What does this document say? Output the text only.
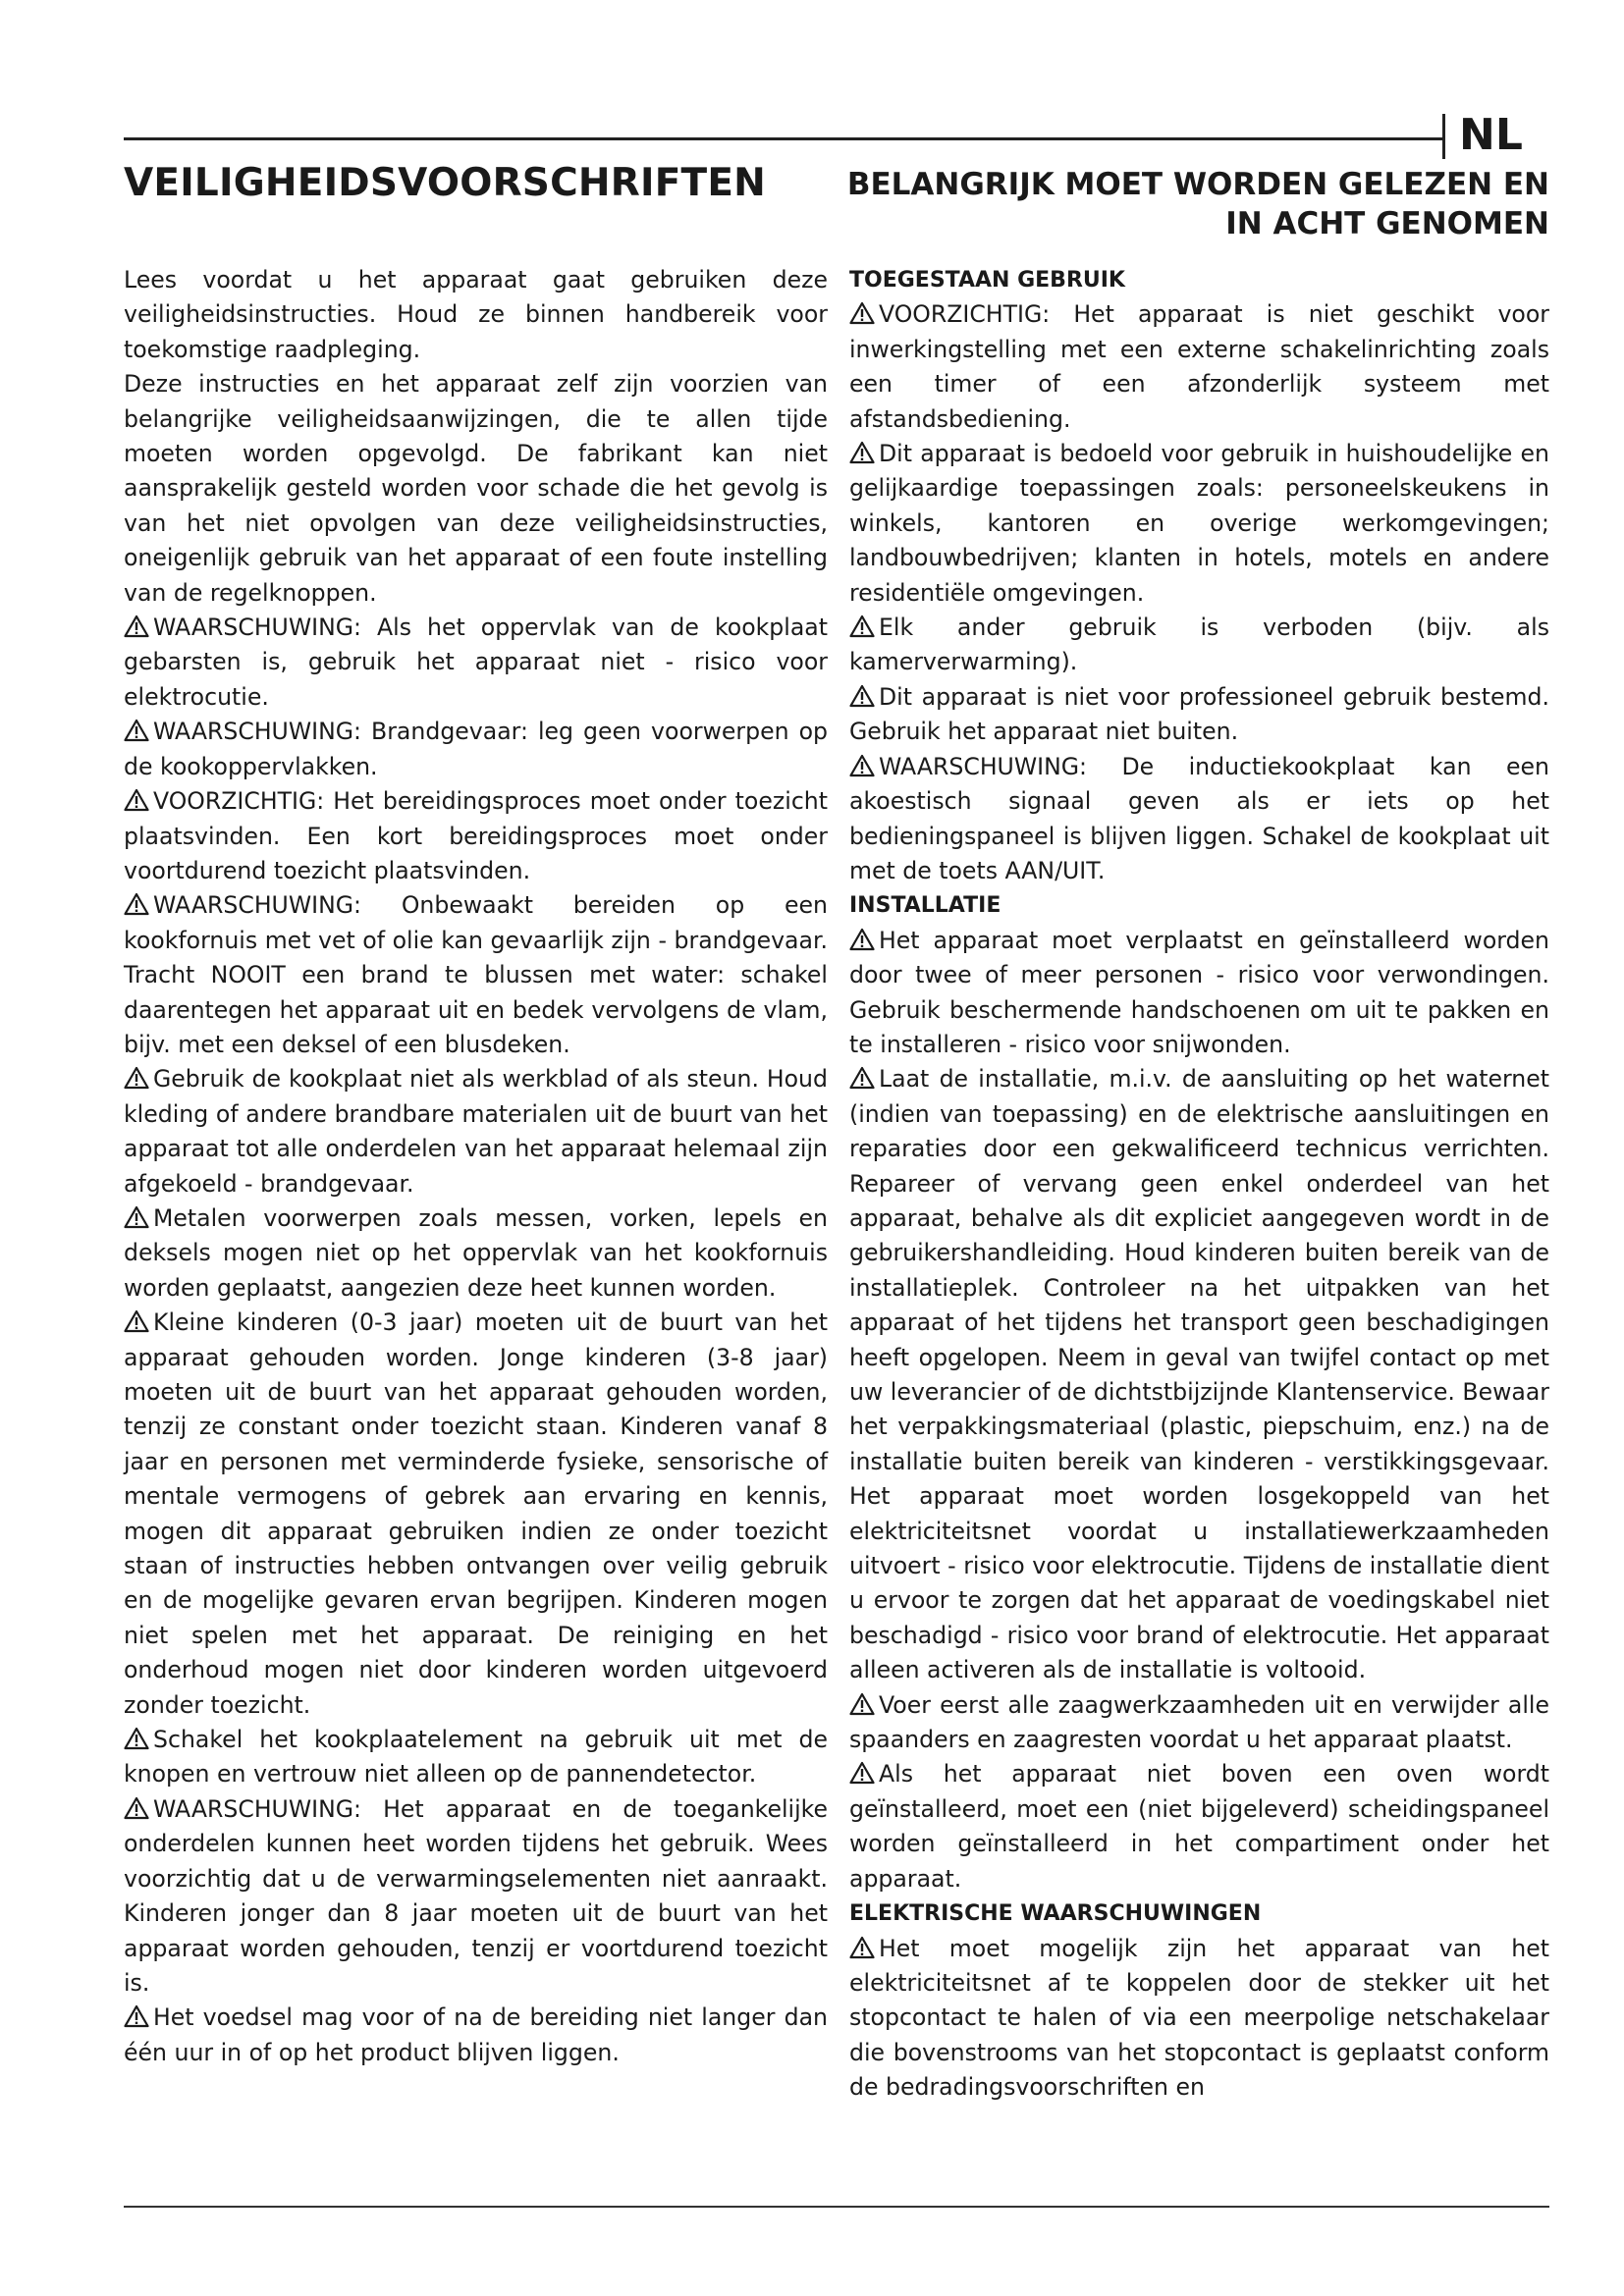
NL
VEILIGHEIDSVOORSCHRIFTEN	BELANGRIJK MOET WORDEN GELEZEN EN
IN ACHT GENOMEN

Lees voordat u het apparaat gaat gebruiken deze veiligheidsinstructies. Houd ze binnen handbereik voor toekomstige raadpleging.

Deze instructies en het apparaat zelf zijn voorzien van belangrijke veiligheidsaanwijzingen, die te allen tijde moeten worden opgevolgd. De fabrikant kan niet aansprakelijk gesteld worden voor schade die het gevolg is van het niet opvolgen van deze veiligheidsinstructies, oneigenlijk gebruik van het apparaat of een foute instelling van de regelknoppen.

WAARSCHUWING: Als het oppervlak van de kookplaat gebarsten is, gebruik het apparaat niet - risico voor elektrocutie.

WAARSCHUWING: Brandgevaar: leg geen voorwerpen op de kookoppervlakken.

VOORZICHTIG: Het bereidingsproces moet onder toezicht plaatsvinden. Een kort bereidingsproces moet onder voortdurend toezicht plaatsvinden.

WAARSCHUWING: Onbewaakt bereiden op een kookfornuis met vet of olie kan gevaarlijk zijn - brandgevaar. Tracht NOOIT een brand te blussen met water: schakel daarentegen het apparaat uit en bedek vervolgens de vlam, bijv. met een deksel of een blusdeken.

Gebruik de kookplaat niet als werkblad of als steun. Houd kleding of andere brandbare materialen uit de buurt van het apparaat tot alle onderdelen van het apparaat helemaal zijn afgekoeld - brandgevaar.

Metalen voorwerpen zoals messen, vorken, lepels en deksels mogen niet op het oppervlak van het kookfornuis worden geplaatst, aangezien deze heet kunnen worden.

Kleine kinderen (0-3 jaar) moeten uit de buurt van het apparaat gehouden worden. Jonge kinderen (3-8 jaar) moeten uit de buurt van het apparaat gehouden worden, tenzij ze constant onder toezicht staan. Kinderen vanaf 8 jaar en personen met verminderde fysieke, sensorische of mentale vermogens of gebrek aan ervaring en kennis, mogen dit apparaat gebruiken indien ze onder toezicht staan of instructies hebben ontvangen over veilig gebruik en de mogelijke gevaren ervan begrijpen. Kinderen mogen niet spelen met het apparaat. De reiniging en het onderhoud mogen niet door kinderen worden uitgevoerd zonder toezicht.

Schakel het kookplaatelement na gebruik uit met de knopen en vertrouw niet alleen op de pannendetector.

WAARSCHUWING: Het apparaat en de toegankelijke onderdelen kunnen heet worden tijdens het gebruik. Wees voorzichtig dat u de verwarmingselementen niet aanraakt. Kinderen jonger dan 8 jaar moeten uit de buurt van het apparaat worden gehouden, tenzij er voortdurend toezicht is.

Het voedsel mag voor of na de bereiding niet langer dan één uur in of op het product blijven liggen.

TOEGESTAAN GEBRUIK

VOORZICHTIG: Het apparaat is niet geschikt voor inwerkingstelling met een externe schakelinrichting zoals een timer of een afzonderlijk systeem met afstandsbediening.

Dit apparaat is bedoeld voor gebruik in huishoudelijke en gelijkaardige toepassingen zoals: personeelskeukens in winkels, kantoren en overige werkomgevingen; landbouwbedrijven; klanten in hotels, motels en andere residentiële omgevingen.

Elk ander gebruik is verboden (bijv. als kamerverwarming).

Dit apparaat is niet voor professioneel gebruik bestemd. Gebruik het apparaat niet buiten.

WAARSCHUWING: De inductiekookplaat kan een akoestisch signaal geven als er iets op het bedieningspaneel is blijven liggen. Schakel de kookplaat uit met de toets AAN/UIT.

INSTALLATIE

Het apparaat moet verplaatst en geïnstalleerd worden door twee of meer personen - risico voor verwondingen. Gebruik beschermende handschoenen om uit te pakken en te installeren - risico voor snijwonden.

Laat de installatie, m.i.v. de aansluiting op het waternet (indien van toepassing) en de elektrische aansluitingen en reparaties door een gekwalificeerd technicus verrichten. Repareer of vervang geen enkel onderdeel van het apparaat, behalve als dit expliciet aangegeven wordt in de gebruikershandleiding. Houd kinderen buiten bereik van de installatieplek. Controleer na het uitpakken van het apparaat of het tijdens het transport geen beschadigingen heeft opgelopen. Neem in geval van twijfel contact op met uw leverancier of de dichtstbijzijnde Klantenservice. Bewaar het verpakkingsmateriaal (plastic, piepschuim, enz.) na de installatie buiten bereik van kinderen - verstikkingsgevaar. Het apparaat moet worden losgekoppeld van het elektriciteitsnet voordat u installatiewerkzaamheden uitvoert - risico voor elektrocutie. Tijdens de installatie dient u ervoor te zorgen dat het apparaat de voedingskabel niet beschadigd - risico voor brand of elektrocutie. Het apparaat alleen activeren als de installatie is voltooid.

Voer eerst alle zaagwerkzaamheden uit en verwijder alle spaanders en zaagresten voordat u het apparaat plaatst.

Als het apparaat niet boven een oven wordt geïnstalleerd, moet een (niet bijgeleverd) scheidingspaneel worden geïnstalleerd in het compartiment onder het apparaat.

ELEKTRISCHE WAARSCHUWINGEN

Het moet mogelijk zijn het apparaat van het elektriciteitsnet af te koppelen door de stekker uit het stopcontact te halen of via een meerpolige netschakelaar die bovenstrooms van het stopcontact is geplaatst conform de bedradingsvoorschriften en
